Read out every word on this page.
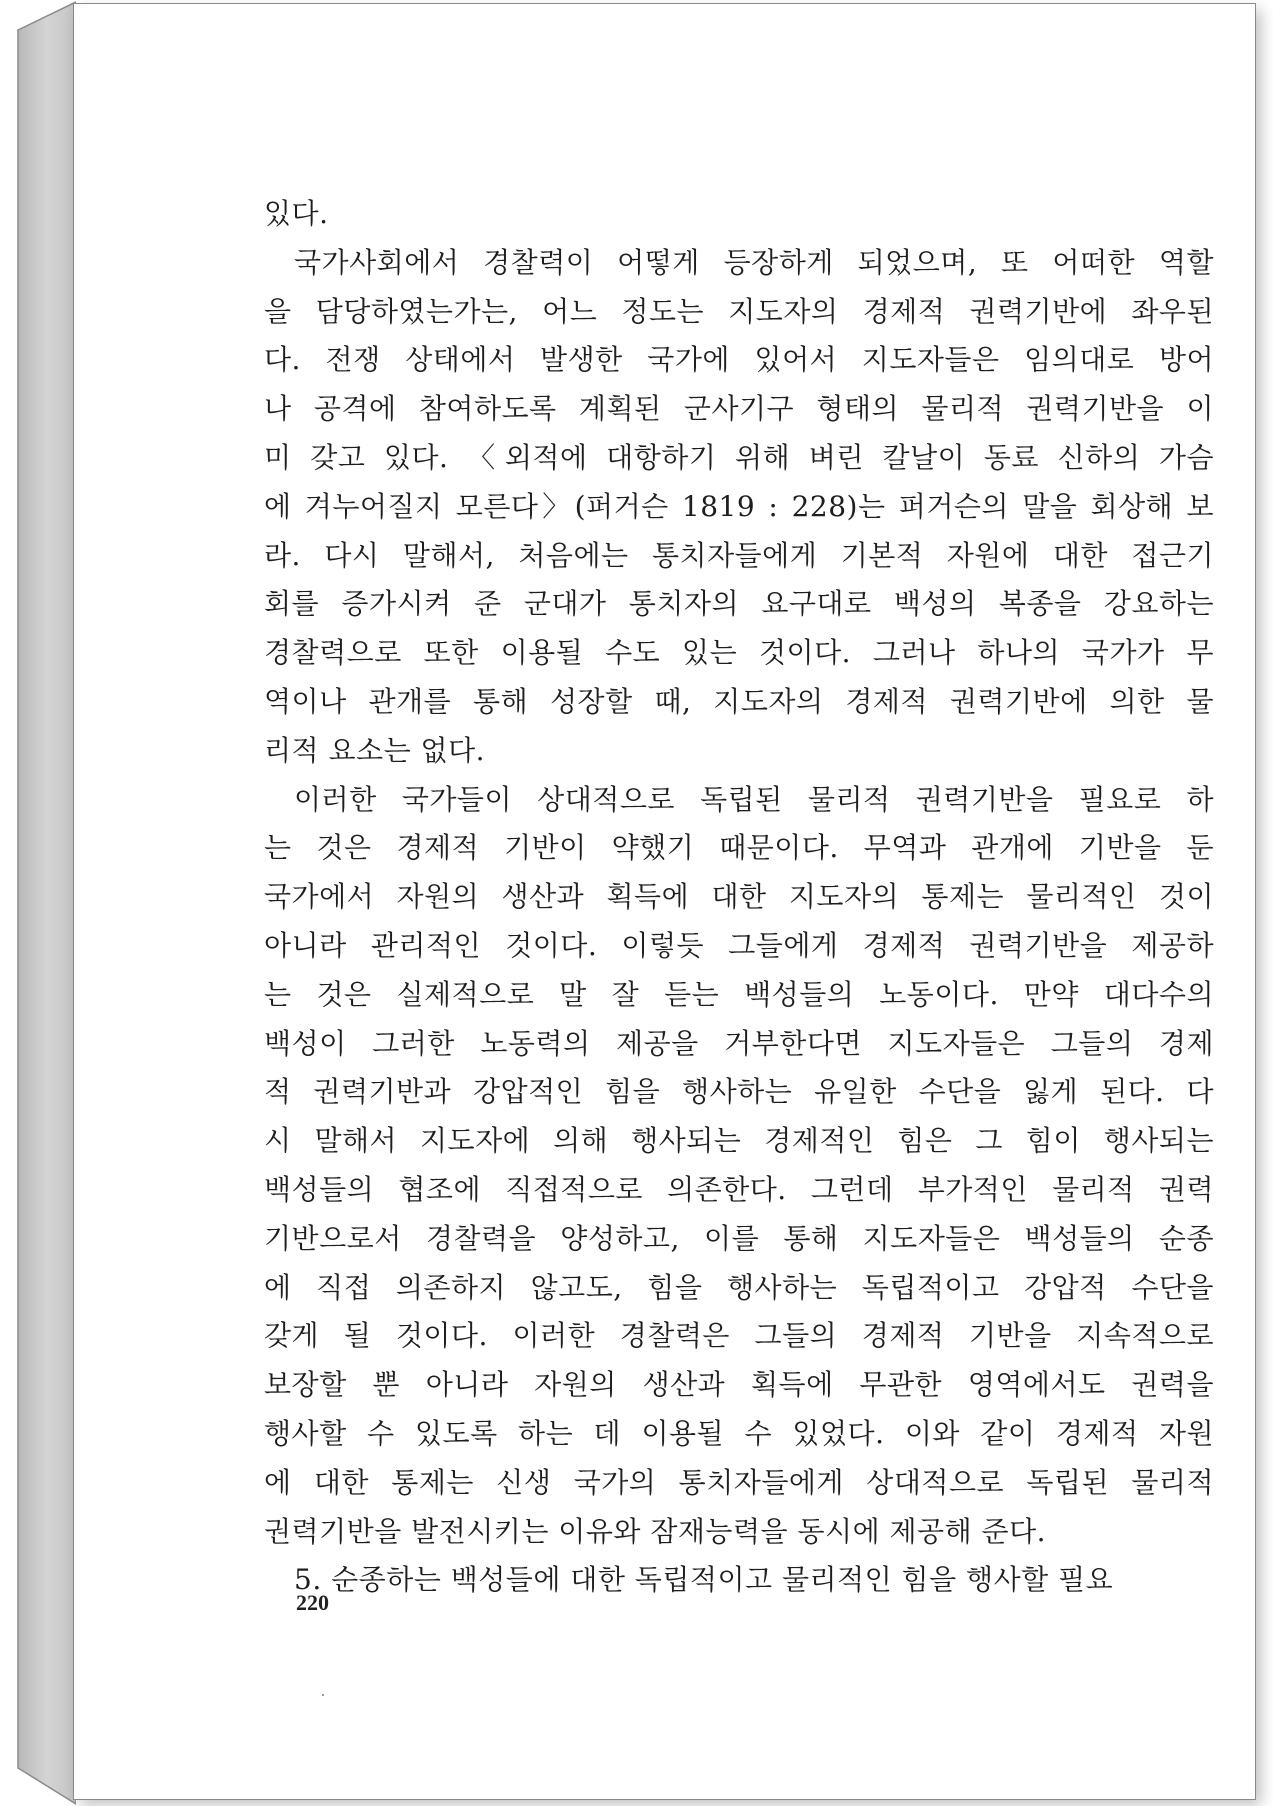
있다.
국가사회에서 경찰력이 어떻게 등장하게 되었으며, 또 어떠한 역할
을 담당하였는가는, 어느 정도는 지도자의 경제적 권력기반에 좌우된
다. 전쟁 상태에서 발생한 국가에 있어서 지도자들은 임의대로 방어
나 공격에 참여하도록 계획된 군사기구 형태의 물리적 권력기반을 이
미 갖고 있다. 〈외적에 대항하기 위해 벼린 칼날이 동료 신하의 가슴
에 겨누어질지 모른다〉(퍼거슨 1819 : 228)는 퍼거슨의 말을 회상해 보
라. 다시 말해서, 처음에는 통치자들에게 기본적 자원에 대한 접근기
회를 증가시켜 준 군대가 통치자의 요구대로 백성의 복종을 강요하는
경찰력으로 또한 이용될 수도 있는 것이다. 그러나 하나의 국가가 무
역이나 관개를 통해 성장할 때, 지도자의 경제적 권력기반에 의한 물
리적 요소는 없다.
이러한 국가들이 상대적으로 독립된 물리적 권력기반을 필요로 하
는 것은 경제적 기반이 약했기 때문이다. 무역과 관개에 기반을 둔
국가에서 자원의 생산과 획득에 대한 지도자의 통제는 물리적인 것이
아니라 관리적인 것이다. 이렇듯 그들에게 경제적 권력기반을 제공하
는 것은 실제적으로 말 잘 듣는 백성들의 노동이다. 만약 대다수의
백성이 그러한 노동력의 제공을 거부한다면 지도자들은 그들의 경제
적 권력기반과 강압적인 힘을 행사하는 유일한 수단을 잃게 된다. 다
시 말해서 지도자에 의해 행사되는 경제적인 힘은 그 힘이 행사되는
백성들의 협조에 직접적으로 의존한다. 그런데 부가적인 물리적 권력
기반으로서 경찰력을 양성하고, 이를 통해 지도자들은 백성들의 순종
에 직접 의존하지 않고도, 힘을 행사하는 독립적이고 강압적 수단을
갖게 될 것이다. 이러한 경찰력은 그들의 경제적 기반을 지속적으로
보장할 뿐 아니라 자원의 생산과 획득에 무관한 영역에서도 권력을
행사할 수 있도록 하는 데 이용될 수 있었다. 이와 같이 경제적 자원
에 대한 통제는 신생 국가의 통치자들에게 상대적으로 독립된 물리적
권력기반을 발전시키는 이유와 잠재능력을 동시에 제공해 준다.
5. 순종하는 백성들에 대한 독립적이고 물리적인 힘을 행사할 필요
220
